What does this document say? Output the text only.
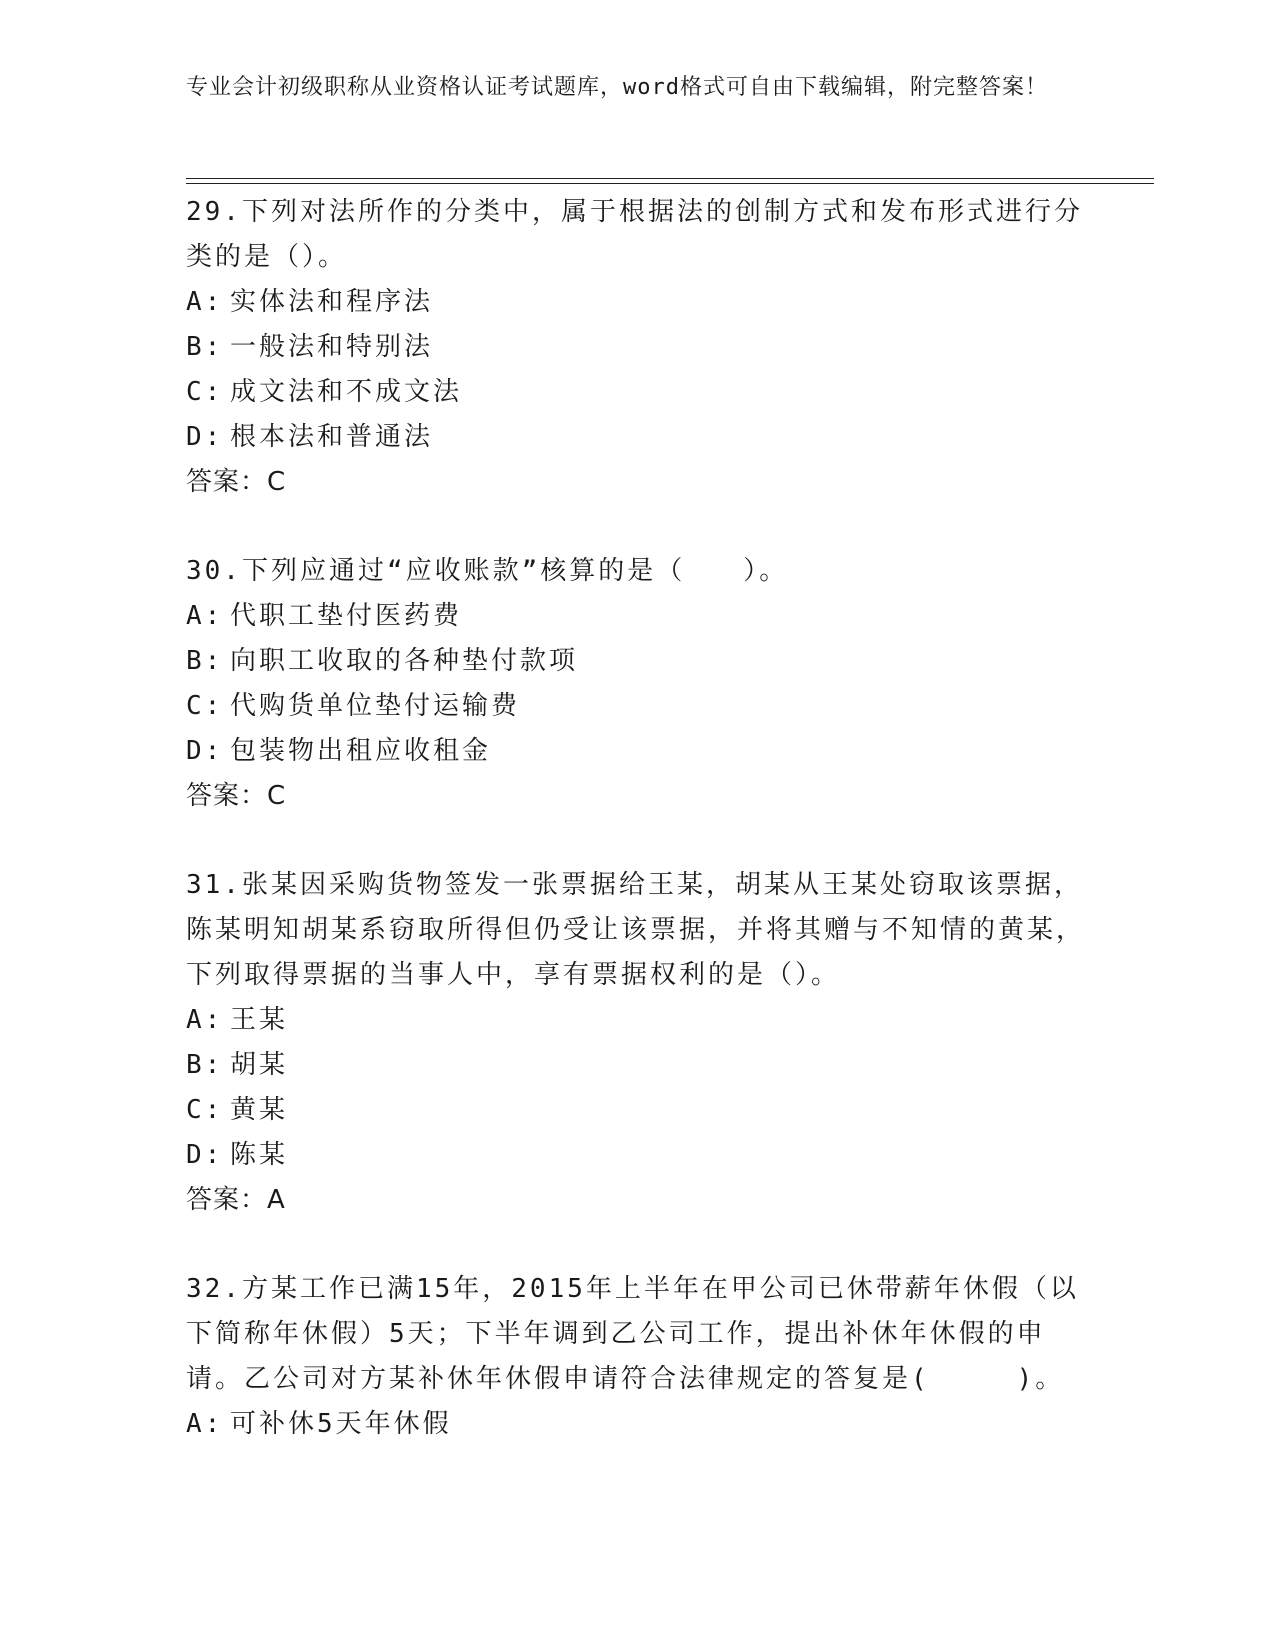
专业会计初级职称从业资格认证考试题库，word格式可自由下载编辑，附完整答案！

29.下列对法所作的分类中，属于根据法的创制方式和发布形式进行分类的是（）。

A: 实体法和程序法
B: 一般法和特别法
C: 成文法和不成文法
D: 根本法和普通法
答案：C

30.下列应通过“应收账款”核算的是（　　）。

A: 代职工垫付医药费
B: 向职工收取的各种垫付款项
C: 代购货单位垫付运输费
D: 包装物出租应收租金
答案：C

31.张某因采购货物签发一张票据给王某，胡某从王某处窃取该票据，陈某明知胡某系窃取所得但仍受让该票据，并将其赠与不知情的黄某，下列取得票据的当事人中，享有票据权利的是（）。

A: 王某
B: 胡某
C: 黄某
D: 陈某
答案：A

32.方某工作已满15年，2015年上半年在甲公司已休带薪年休假（以下简称年休假）5天；下半年调到乙公司工作，提出补休年休假的申请。乙公司对方某补休年休假申请符合法律规定的答复是(　　　)。

A: 可补休5天年休假
